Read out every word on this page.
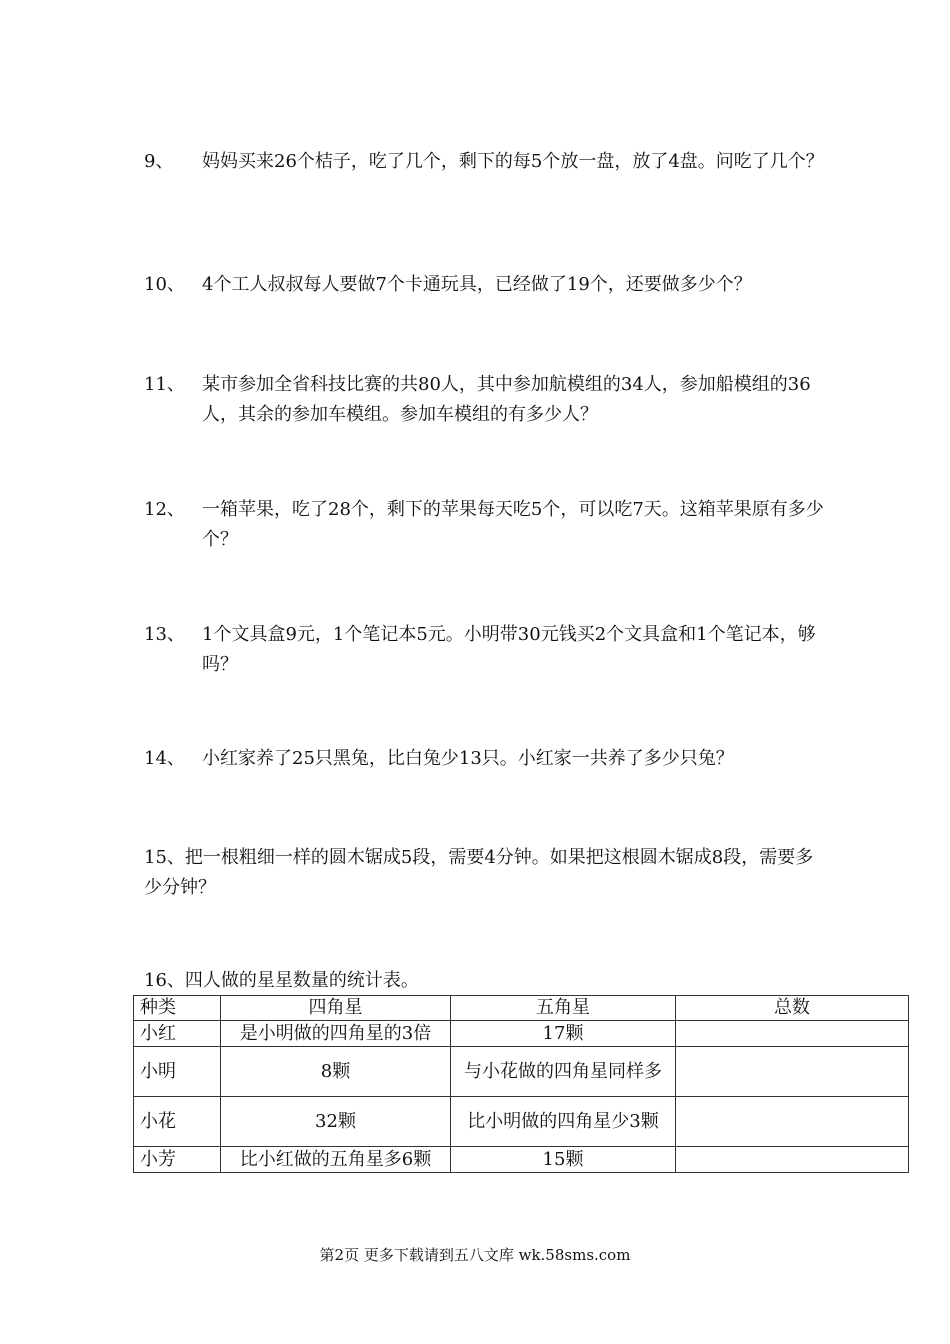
9、 妈妈买来26个桔子，吃了几个，剩下的每5个放一盘，放了4盘。问吃了几个？
10、 4个工人叔叔每人要做7个卡通玩具，已经做了19个，还要做多少个？
11、 某市参加全省科技比赛的共80人，其中参加航模组的34人，参加船模组的36人，其余的参加车模组。参加车模组的有多少人？
12、 一箱苹果，吃了28个，剩下的苹果每天吃5个，可以吃7天。这箱苹果原有多少个？
13、 1个文具盒9元，1个笔记本5元。小明带30元钱买2个文具盒和1个笔记本，够吗？
14、 小红家养了25只黑兔，比白兔少13只。小红家一共养了多少只兔？
15、把一根粗细一样的圆木锯成5段，需要4分钟。如果把这根圆木锯成8段，需要多少分钟？
16、四人做的星星数量的统计表。
种类	四角星	五角星	总数
小红	是小明做的四角星的3倍	17颗	
小明	8颗	与小花做的四角星同样多	
小花	32颗	比小明做的四角星少3颗	
小芳	比小红做的五角星多6颗	15颗	
第2页 更多下载请到五八文库 wk.58sms.com
